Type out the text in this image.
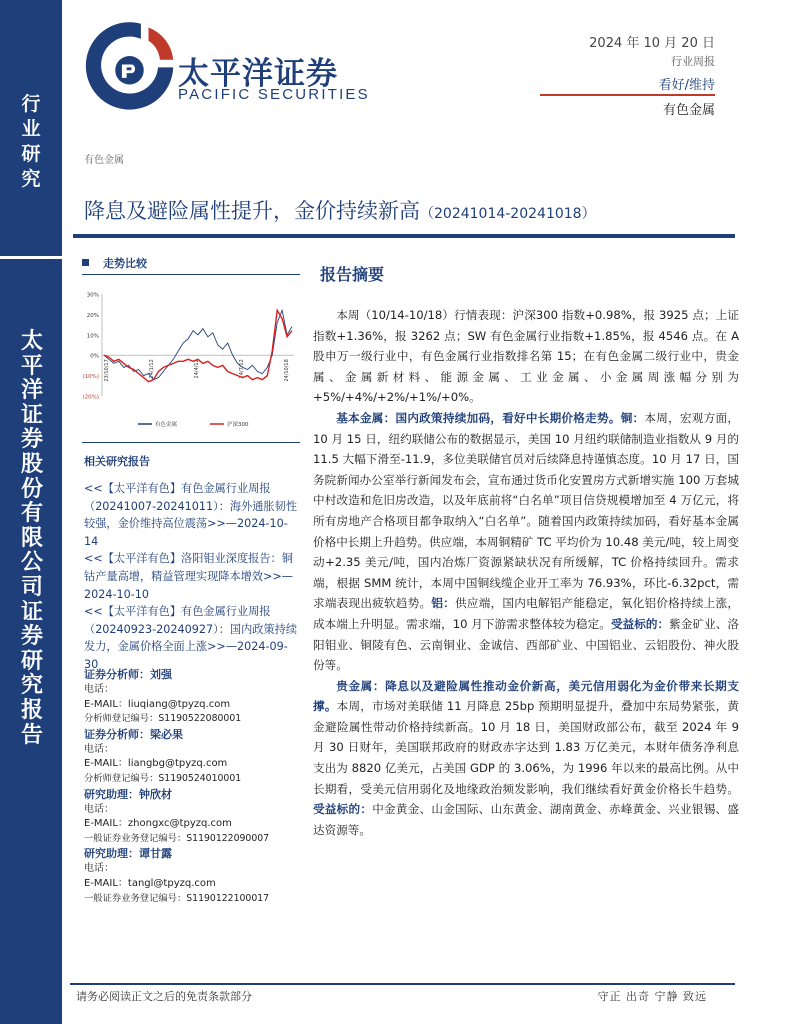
行业研究
太平洋证券股份有限公司证券研究报告
太平洋证券
PACIFIC SECURITIES
2024 年 10 月 20 日
行业周报
看好/维持
有色金属
有色金属
降息及避险属性提升，金价持续新高（20241014-20241018）
走势比较
30%
20%
10%
0%
(10%)
(20%)
23/10/17	24/1/12	24/4/12	24/7/12	24/10/18
有色金属	沪深300
相关研究报告

<<【太平洋有色】有色金属行业周报（20241007-20241011）：海外通胀韧性较强，金价维持高位震荡>>—2024-10-14

<<【太平洋有色】洛阳钼业深度报告：铜钴产量高增，精益管理实现降本增效>>—2024-10-10

<<【太平洋有色】有色金属行业周报（20240923-20240927）：国内政策持续发力，金属价格全面上涨>>—2024-09-30

证券分析师：刘强
电话：
E-MAIL：liuqiang@tpyzq.com
分析师登记编号：S1190522080001
证券分析师：梁必果
电话：
E-MAIL：liangbg@tpyzq.com
分析师登记编号：S1190524010001
研究助理：钟欣材
电话：
E-MAIL：zhongxc@tpyzq.com
一般证券业务登记编号：S1190122090007
研究助理：谭甘露
电话：
E-MAIL：tangl@tpyzq.com
一般证券业务登记编号：S1190122100017
报告摘要

本周（10/14-10/18）行情表现：沪深300 指数+0.98%，报 3925 点；上证指数+1.36%，报 3262 点；SW 有色金属行业指数+1.85%，报 4546 点。在 A 股申万一级行业中，有色金属行业指数排名第 15；在有色金属二级行业中，贵金属、金属新材料、能源金属、工业金属、小金属周涨幅分别为+5%/+4%/+2%/+1%/+0%。

基本金属：国内政策持续加码，看好中长期价格走势。铜：本周，宏观方面，10 月 15 日，纽约联储公布的数据显示，美国 10 月纽约联储制造业指数从 9 月的 11.5 大幅下滑至-11.9，多位美联储官员对后续降息持谨慎态度。10 月 17 日，国务院新闻办公室举行新闻发布会，宣布通过货币化安置房方式新增实施 100 万套城中村改造和危旧房改造，以及年底前将“白名单”项目信贷规模增加至 4 万亿元，将所有房地产合格项目都争取纳入“白名单”。随着国内政策持续加码，看好基本金属价格中长期上升趋势。供应端，本周铜精矿 TC 平均价为 10.48 美元/吨，较上周变动+2.35 美元/吨，国内冶炼厂资源紧缺状况有所缓解，TC 价格持续回升。需求端，根据 SMM 统计，本周中国铜线缆企业开工率为 76.93%，环比-6.32pct，需求端表现出疲软趋势。铝：供应端，国内电解铝产能稳定，氧化铝价格持续上涨，成本端上升明显。需求端，10 月下游需求整体较为稳定。受益标的：紫金矿业、洛阳钼业、铜陵有色、云南铜业、金诚信、西部矿业、中国铝业、云铝股份、神火股份等。

贵金属：降息以及避险属性推动金价新高，美元信用弱化为金价带来长期支撑。本周，市场对美联储 11 月降息 25bp 预期明显提升，叠加中东局势紧张，黄金避险属性带动价格持续新高。10 月 18 日，美国财政部公布，截至 2024 年 9 月 30 日财年，美国联邦政府的财政赤字达到 1.83 万亿美元，本财年债务净利息支出为 8820 亿美元，占美国 GDP 的 3.06%，为 1996 年以来的最高比例。从中长期看，受美元信用弱化及地缘政治频发影响，我们继续看好黄金价格长牛趋势。受益标的：中金黄金、山金国际、山东黄金、湖南黄金、赤峰黄金、兴业银锡、盛达资源等。

请务必阅读正文之后的免责条款部分	守正 出奇 宁静 致远
